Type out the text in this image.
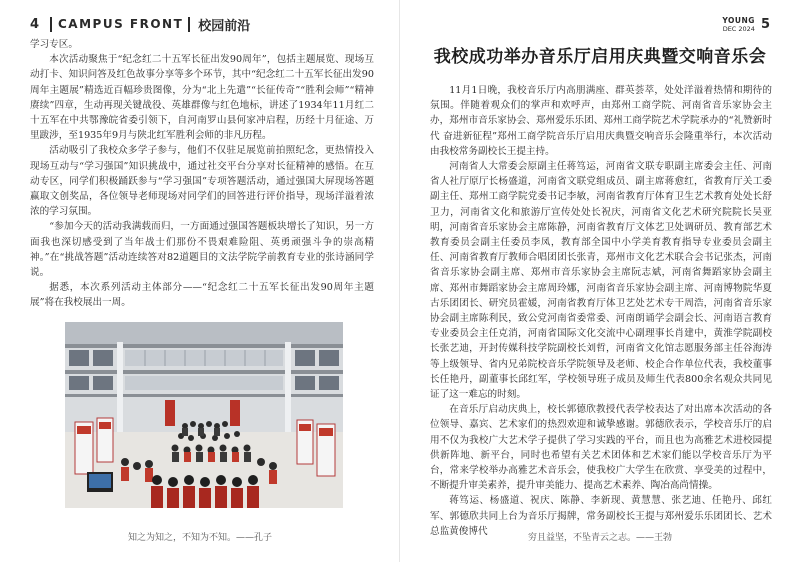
4	CAMPUS FRONT 校园前沿

学习专区。

本次活动聚焦于“纪念红二十五军长征出发90周年”，包括主题展览、现场互动打卡、知识问答及红色故事分享等多个环节，其中“纪念红二十五军长征出发90周年主题展”精选近百幅珍贵图像，分为“北上先遣”“长征传奇”“胜利会师”“精神赓续”四章，生动再现关键战役、英雄群像与红色地标，讲述了1934年11月红二十五军在中共鄂豫皖省委引领下，自河南罗山县何家冲启程，历经十月征途、万里跋涉，至1935年9月与陕北红军胜利会师的非凡历程。

活动吸引了我校众多学子参与，他们不仅驻足展览前拍照纪念，更热情投入现场互动与“学习强国”知识挑战中，通过社交平台分享对长征精神的感悟。在互动专区，同学们积极踊跃参与“学习强国”专项答题活动，通过强国大屏现场答题赢取文创奖品，各位领导老师现场对同学们的回答进行评价指导，现场洋溢着浓浓的学习氛围。

“参加今天的活动我满载而归，一方面通过强国答题板块增长了知识，另一方面我也深切感受到了当年战士们那份不畏艰难险阻、英勇顽强斗争的崇高精神。”在“挑战答题”活动连续答对82道题目的文法学院学前教育专业的张诗涵同学说。

据悉，本次系列活动主体部分——“纪念红二十五军长征出发90周年主题展”将在我校展出一周。

知之为知之，不知为不知。——孔子
YOUNG
DEC 2024 5
我校成功举办音乐厅启用庆典暨交响音乐会

11月1日晚，我校音乐厅内高朋满座、群英荟萃，处处洋溢着热情和期待的氛围。伴随着观众们的掌声和欢呼声，由郑州工商学院、河南省音乐家协会主办，郑州市音乐家协会、郑州爱乐乐团、郑州工商学院艺术学院承办的“礼赞新时代 奋进新征程”郑州工商学院音乐厅启用庆典暨交响音乐会隆重举行，本次活动由我校常务副校长王提主持。

河南省人大常委会原副主任蒋笃运，河南省文联专职副主席委会主任、河南省人社厅原厅长杨盛道，河南省文联党组成员、副主席蒋愈红，省教育厅关工委副主任、郑州工商学院党委书记李敏，河南省教育厅体育卫生艺术教育处处长舒卫力，河南省文化和旅游厅宣传处处长祝庆，河南省文化艺术研究院院长吴亚明，河南省音乐家协会主席陈静，河南省教育厅文体艺卫处调研员、教育部艺术教育委员会副主任委员李凤，教育部全国中小学美育教育指导专业委员会副主任、河南省教育厅教师合唱团团长张青，郑州市文化艺术联合会书记张杰，河南省音乐家协会副主席、郑州市音乐家协会主席阮志斌，河南省舞蹈家协会副主席、郑州市舞蹈家协会主席周玲娜，河南省音乐家协会副主席、河南博物院华夏古乐团团长、研究员霍媛，河南省教育厅体卫艺处艺术专干周浩，河南省音乐家协会副主席陈利民，致公党河南省委常委、河南朗诵学会副会长、河南语言教育专业委员会主任克消，河南省国际文化交流中心副理事长肖建中，黄淮学院副校长张艺迪，开封传媒科技学院副校长刘哲，河南省文化馆志愿服务部主任谷海涛等上级领导、省内兄弟院校音乐学院领导及老师、校企合作单位代表，我校董事长任艳丹，副董事长邱红军，学校领导班子成员及师生代表800余名观众共同见证了这一难忘的时刻。

在音乐厅启动庆典上，校长郭德欣教授代表学校表达了对出席本次活动的各位领导、嘉宾、艺术家们的热烈欢迎和诚挚感谢。郭德欣表示，学校音乐厅的启用不仅为我校广大艺术学子提供了学习实践的平台，而且也为高雅艺术进校园提供新阵地、新平台，同时也希望有关艺术团体和艺术家们能以学校音乐厅为平台，常来学校举办高雅艺术音乐会，使我校广大学生在欣赏、享受美的过程中，不断提升审美素养，提升审美能力、提高艺术素养、陶冶高尚情操。

蒋笃运、杨盛道、祝庆、陈静、李新现、黄慧慧、张艺迪、任艳丹、邱红军、郭德欣共同上台为音乐厅揭牌，常务副校长王提与郑州爱乐乐团团长、艺术总监黄俊博代

穷且益坚，不坠青云之志。——王勃
